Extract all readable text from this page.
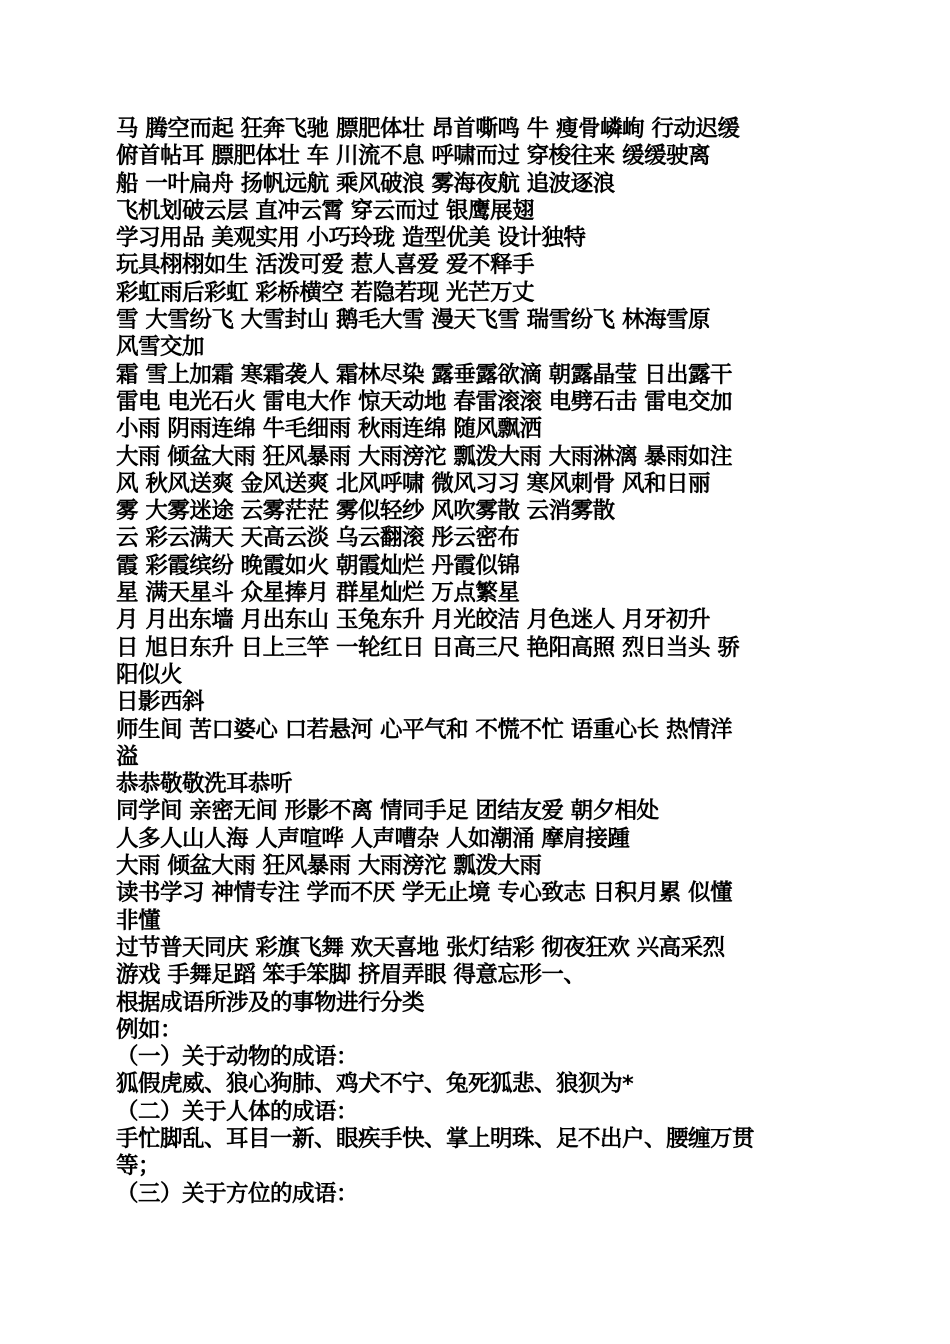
马 腾空而起 狂奔飞驰 膘肥体壮 昂首嘶鸣 牛 瘦骨嶙峋 行动迟缓
俯首帖耳 膘肥体壮 车 川流不息 呼啸而过 穿梭往来 缓缓驶离
船 一叶扁舟 扬帆远航 乘风破浪 雾海夜航 追波逐浪
飞机划破云层 直冲云霄 穿云而过 银鹰展翅
学习用品 美观实用 小巧玲珑 造型优美 设计独特
玩具栩栩如生 活泼可爱 惹人喜爱 爱不释手
彩虹雨后彩虹 彩桥横空 若隐若现 光芒万丈
雪 大雪纷飞 大雪封山 鹅毛大雪 漫天飞雪 瑞雪纷飞 林海雪原
风雪交加
霜 雪上加霜 寒霜袭人 霜林尽染 露垂露欲滴 朝露晶莹 日出露干
雷电 电光石火 雷电大作 惊天动地 春雷滚滚 电劈石击 雷电交加
小雨 阴雨连绵 牛毛细雨 秋雨连绵 随风飘洒
大雨 倾盆大雨 狂风暴雨 大雨滂沱 瓢泼大雨 大雨淋漓 暴雨如注
风 秋风送爽 金风送爽 北风呼啸 微风习习 寒风刺骨 风和日丽
雾 大雾迷途 云雾茫茫 雾似轻纱 风吹雾散 云消雾散
云 彩云满天 天高云淡 乌云翻滚 彤云密布
霞 彩霞缤纷 晚霞如火 朝霞灿烂 丹霞似锦
星 满天星斗 众星捧月 群星灿烂 万点繁星
月 月出东墙 月出东山 玉兔东升 月光皎洁 月色迷人 月牙初升
日 旭日东升 日上三竿 一轮红日 日高三尺 艳阳高照 烈日当头 骄
阳似火
日影西斜
师生间 苦口婆心 口若悬河 心平气和 不慌不忙 语重心长 热情洋
溢
恭恭敬敬洗耳恭听
同学间 亲密无间 形影不离 情同手足 团结友爱 朝夕相处
人多人山人海 人声喧哗 人声嘈杂 人如潮涌 摩肩接踵
大雨 倾盆大雨 狂风暴雨 大雨滂沱 瓢泼大雨
读书学习 神情专注 学而不厌 学无止境 专心致志 日积月累 似懂
非懂
过节普天同庆 彩旗飞舞 欢天喜地 张灯结彩 彻夜狂欢 兴高采烈
游戏 手舞足蹈 笨手笨脚 挤眉弄眼 得意忘形一、
根据成语所涉及的事物进行分类
例如：
（一）关于动物的成语：
狐假虎威、狼心狗肺、鸡犬不宁、兔死狐悲、狼狈为*
（二）关于人体的成语：
手忙脚乱、耳目一新、眼疾手快、掌上明珠、足不出户、腰缠万贯
等；
（三）关于方位的成语：
